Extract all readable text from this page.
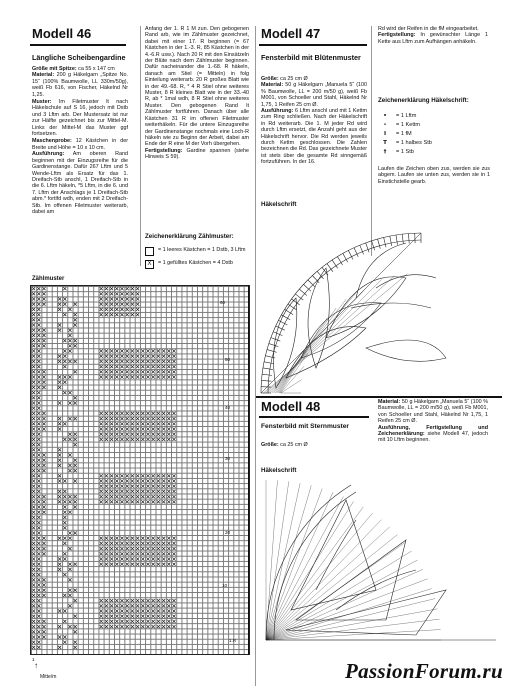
Modell 46
Längliche Scheibengardine
Größe mit Spitze: ca 55 x 147 cm
Material: 200 g Häkelgarn „Spitze No. 15“ (100% Baumwolle, LL 330m/50g), weiß Fb 616, von Fischer, Häkelnd Nr 1,25.
Muster: Im Filetmuster lt nach Häkelschule auf S 16, jedoch mit Dstb und 3 Lftm arb. Der Mustersatz ist nur zur Hälfte gezeichnet bis zur Mittel-M. Links der Mittel-M das Muster ggf fortsetzen.
Maschenprobe: 12 Kästchen in der Breite und Höhe = 10 x 10 cm.
Ausführung: Am oberen Rand beginnen mit der Einzugsreihe für die Gardinenstange. Dafür 267 Lftm und 5 Wende-Lftm als Ersatz für das 1. Dreifach-Stb anschl, 1 Dreifach-Stb in die 6. Lftm häkeln, *5 Lftm, in die 6. und 7. Lftm der Anschlags je 1 Dreifach-Stb abm.* fortlfd wdh, enden mit 2 Dreifach-Stb. Im offenen Filetmuster weiterarb, dabei am
Anfang der 1. R 1 M zun. Den gebogenen Rand arb, wie im Zählmuster gezeichnet, dabei mit einer 17. R beginnen (= 67 Kästchen in der 1.-3. R, 85 Kästchen in der 4.-6.R usw.). Nach 20 R mit den Einsätzeln der Blüte nach dem Zählmuster beginnen. Dafür nacheinander die 1.-68. R häkeln, danach am Stiel (= Mitteln) in folg Einteilung weiterarb. 20 R großes Blatt wie in der 49.-68. R, * 4 R Stiel ohne weiteres Muster, 8 R kleines Blatt wie in der 33.-40 R, ab * 1mal wdh, 8 R Stiel ohne weiteres Muster. Den gebogenen Rand lt Zählmuster fortführen. Danach über alle Kästchen 31 R im offenen Filetmuster weiterhäkeln. Für die untere Einzugsreihe der Gardinenstange nochmals eine Loch-R häkeln wie zu Beginn der Arbeit, dabei am Ende der R eine M der Vorh übergehen.
Fertigstellung: Gardine spannen (siehe Hinweis S 59).
Zeichenerklärung Zählmuster:
= 1 leeres Kästchen = 1 Dstb, 3 Lftm
X	= 1 gefülltes Kästchen = 4 Dstb
Zählmuster
60
50
40
30
20
10
1.R
1
Mitte/m
↑
Modell 47
Fensterbild mit Blütenmuster
Größe: ca 25 cm Ø
Material: 50 g Häkelgarn „Manuela 5“ (100 % Baumwolle, LL = 200 m/50 g), weiß Fb M001, von Schoeller und Stahl, Häkelnd Nr 1,75, 1 Reifen 25 cm Ø.
Ausführung: 6 Lftm anschl und mit 1 Kettm zum Ring schließen. Nach der Häkelschrift in Rd weiterarb. Die 1. M jeder Rd wird durch Lftm ersetzt, die Anzahl geht aus der Häkelschrift hervor. Die Rd werden jeweils durch Kettm geschlossen. Die Zahlen bezeichnen die Rd. Das gezeichnete Muster ist stets über die gesamte Rd sinngemäß fortzuführen. In der 16.
Rd wird der Reifen in die fM eingearbeitet.
Fertigstellung: In gewünschter Länge 1 Kette aus Lftm zum Aufhängen anhäkeln.
Zeichenerklärung Häkelschrift:
•	= 1 Lftm
∘	= 1 Kettm
I	= 1 fM
T	= 1 halbes Stb
†	= 1 Stb
Laufen die Zeichen oben zus, werden sie zus abgem. Laufen sie unten zus, werden sie in 1 Einstichstelle gearb.
Häkelschrift
Modell 48
Fensterbild mit Sternmuster
Größe: ca 25 cm Ø
Material: 50 g Häkelgarn „Manuela 5“ (100 % Baumwolle, LL = 200 m/50 g), weiß Fb M001, von Schoeller und Stahl, Häkelnd Nr 1,75, 1 Reifen 25 cm Ø.
Ausführung, Fertigstellung und Zeichenerklärung: siehe Modell 47, jedoch mit 10 Lftm beginnen.
Häkelschrift
PassionForum.ru
